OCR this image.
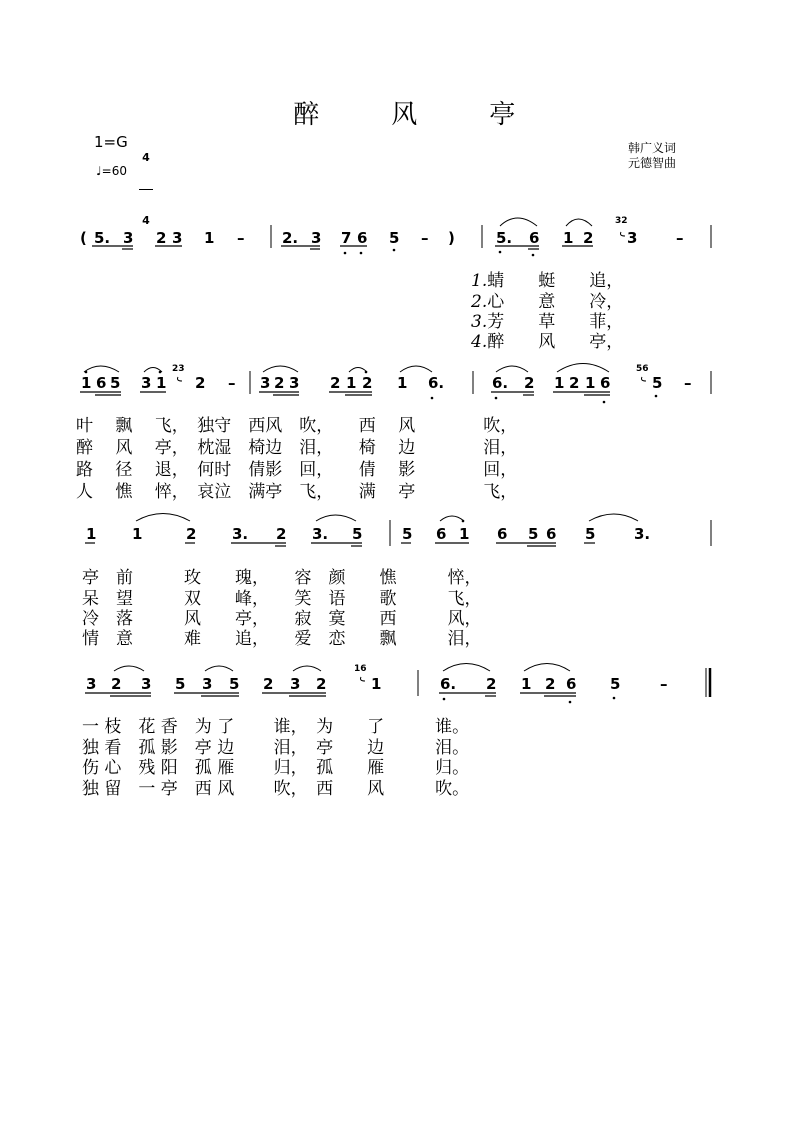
醉	风	亭

1=G

4

4

♩=60
韩广义词
元德智曲
( 5. 3 2 3 1 –	2. 3 7 6 5 – )	5. 6 1 2
32
3	–
1 6 5 3 1
23
2 – 3 2 3 2 1 2 1 6.	6. 2 1 2 1 6
56
5 –
1 1	2 3. 2 3. 5	5 6 1 6 5 6 5	3.
3 2 3 5 3 5 2 3 2
16
1	6. 2 1 2 6 5	–
1.蜻　　蜓　　追，
2.心　　意　　冷，
3.芳　　草　　菲，
4.醉　　风　　亭，
叶　 飘　 飞，　独守　西风　吹，　　西　 风　　　　吹，
醉　 风　 亭，　枕湿　椅边　泪，　　椅　 边　　　　泪，
路　 径　 退，　何时　倩影　回，　　倩　 影　　　　回，
人　 憔　 悴，　哀泣　满亭　飞，　　满　 亭　　　　飞，
亭　前　　　玫　　瑰，　　容　颜　　憔　　　悴，
呆　望　　　双　　峰，　　笑　语　　歌　　　飞，
冷　落　　　风　　亭，　　寂　寞　　西　　　风，
情　意　　　难　　追，　　爱　恋　　飘　　　泪，
一 枝　花 香　为 了　　 谁，　为　　了　　　谁。
独 看　孤 影　亭 边　　 泪，　亭　　边　　　泪。
伤 心　残 阳　孤 雁　　 归，　孤　　雁　　　归。
独 留　一 亭　西 风　　 吹，　西　　风　　　吹。
